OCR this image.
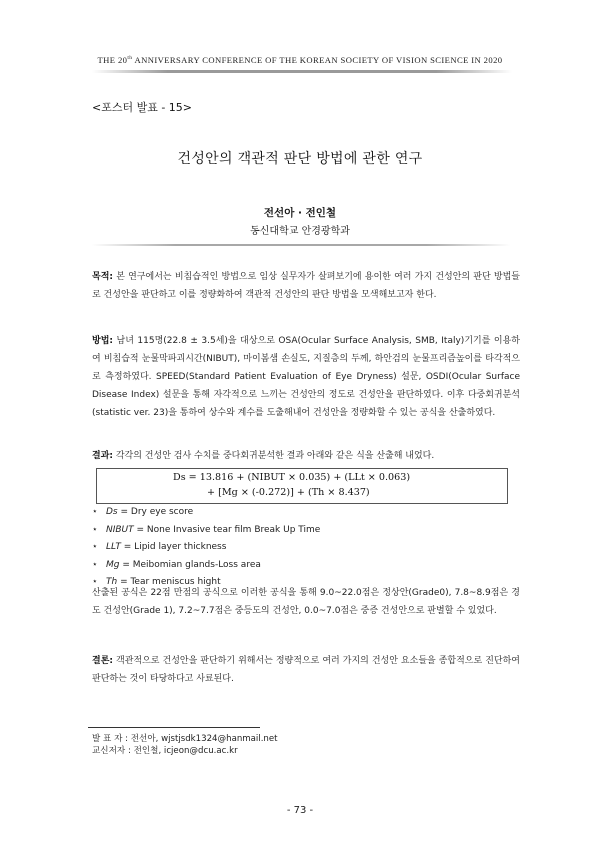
THE 20th ANNIVERSARY CONFERENCE OF THE KOREAN SOCIETY OF VISION SCIENCE IN 2020
<포스터 발표 - 15>
건성안의 객관적 판단 방법에 관한 연구
전선아 · 전인철
동신대학교 안경광학과
목적: 본 연구에서는 비침습적인 방법으로 임상 실무자가 살펴보기에 용이한 여러 가지 건성안의 판단 방법들로 건성안을 판단하고 이를 정량화하여 객관적 건성안의 판단 방법을 모색해보고자 한다.
방법: 남녀 115명(22.8 ± 3.5세)을 대상으로 OSA(Ocular Surface Analysis, SMB, Italy)기기를 이용하여 비침습적 눈물막파괴시간(NIBUT), 마이봄샘 손실도, 지질층의 두께, 하안검의 눈물프리즘높이를 타각적으로 측정하였다. SPEED(Standard Patient Evaluation of Eye Dryness) 설문, OSDI(Ocular Surface Disease Index) 설문을 통해 자각적으로 느끼는 건성안의 정도로 건성안을 판단하였다. 이후 다중회귀분석(statistic ver. 23)을 통하여 상수와 계수를 도출해내어 건성안을 정량화할 수 있는 공식을 산출하였다.
결과: 각각의 건성안 검사 수치를 중다회귀분석한 결과 아래와 같은 식을 산출해 내었다.
Ds = 13.816 + (NIBUT × 0.035) + (LLt × 0.063)
+ [Mg × (-0.272)] + (Th × 8.437)
⋆ Ds = Dry eye score
⋆ NIBUT = None Invasive tear film Break Up Time
⋆ LLT = Lipid layer thickness
⋆ Mg = Meibomian glands-Loss area
⋆ Th = Tear meniscus hight
산출된 공식은 22점 만점의 공식으로 이러한 공식을 통해 9.0~22.0점은 정상안(Grade0), 7.8~8.9점은 경도 건성안(Grade 1), 7.2~7.7점은 중등도의 건성안, 0.0~7.0점은 중증 건성안으로 판별할 수 있었다.
결론: 객관적으로 건성안을 판단하기 위해서는 정량적으로 여러 가지의 건성안 요소들을 종합적으로 진단하여 판단하는 것이 타당하다고 사료된다.
발 표 자 : 전선아, wjstjsdk1324@hanmail.net
교신저자 : 전인철, icjeon@dcu.ac.kr
- 73 -
